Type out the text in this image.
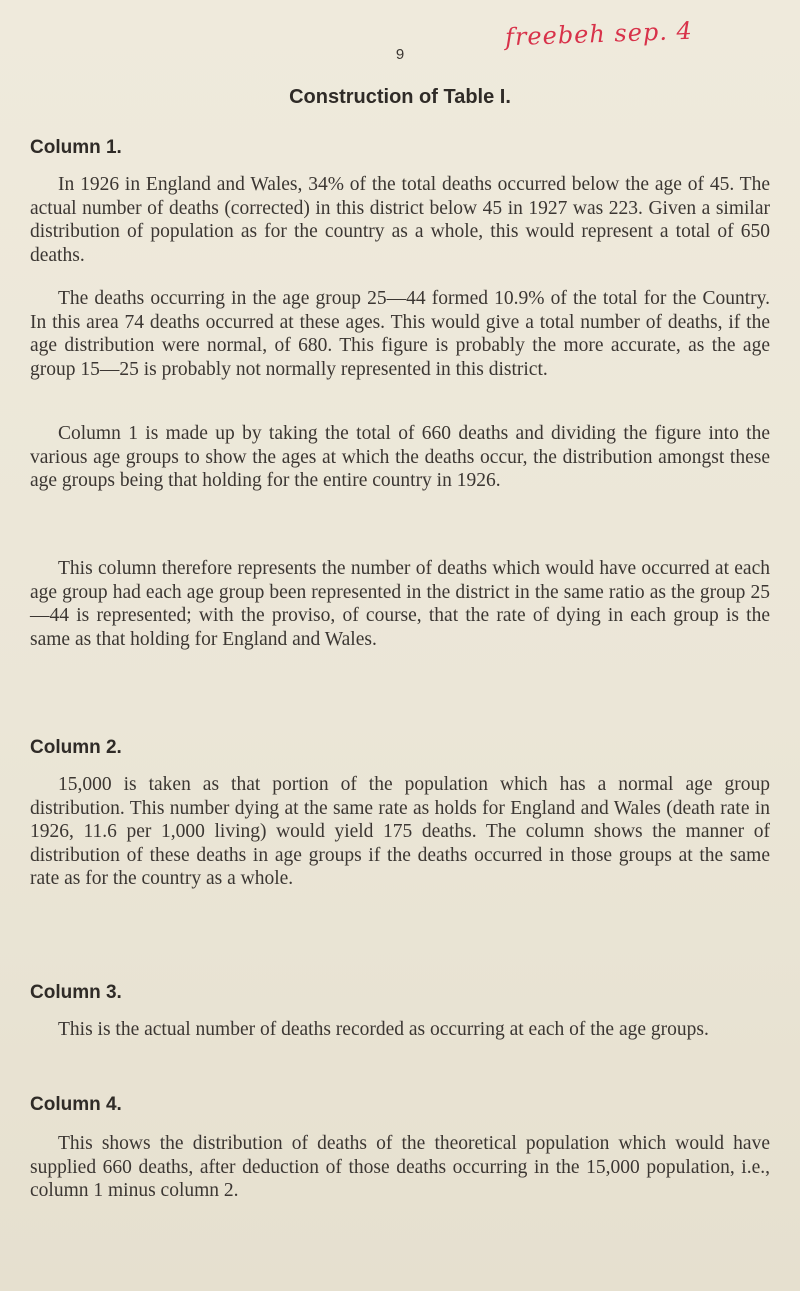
freebeh sep. 4
9
Construction of Table I.
Column 1.

In 1926 in England and Wales, 34% of the total deaths occurred below the age of 45. The actual number of deaths (corrected) in this district below 45 in 1927 was 223. Given a similar distribution of population as for the country as a whole, this would represent a total of 650 deaths.

The deaths occurring in the age group 25—44 formed 10.9% of the total for the Country. In this area 74 deaths occurred at these ages. This would give a total number of deaths, if the age distribution were normal, of 680. This figure is probably the more accurate, as the age group 15—25 is probably not normally represented in this district.

Column 1 is made up by taking the total of 660 deaths and dividing the figure into the various age groups to show the ages at which the deaths occur, the distribution amongst these age groups being that holding for the entire country in 1926.

This column therefore represents the number of deaths which would have occurred at each age group had each age group been represented in the district in the same ratio as the group 25—44 is represented; with the proviso, of course, that the rate of dying in each group is the same as that holding for England and Wales.

Column 2.

15,000 is taken as that portion of the population which has a normal age group distribution. This number dying at the same rate as holds for England and Wales (death rate in 1926, 11.6 per 1,000 living) would yield 175 deaths. The column shows the manner of distribution of these deaths in age groups if the deaths occurred in those groups at the same rate as for the country as a whole.

Column 3.

This is the actual number of deaths recorded as occurring at each of the age groups.

Column 4.

This shows the distribution of deaths of the theoretical population which would have supplied 660 deaths, after deduction of those deaths occurring in the 15,000 population, i.e., column 1 minus column 2.
